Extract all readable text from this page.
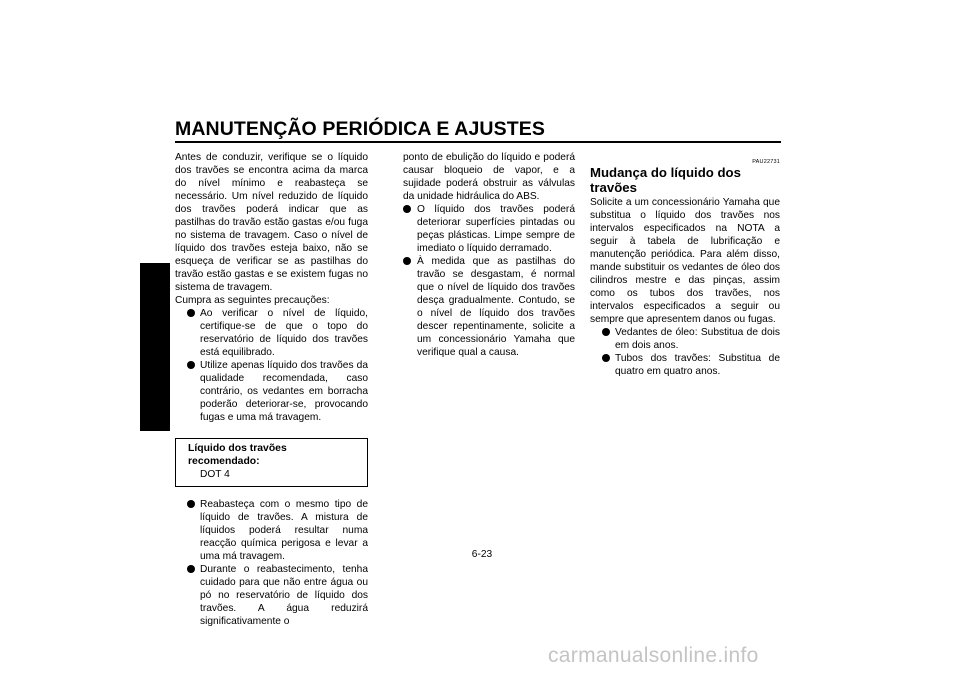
MANUTENÇÃO PERIÓDICA E AJUSTES
6

Antes de conduzir, verifique se o líquido dos travões se encontra acima da marca do nível mínimo e reabasteça se necessário. Um nível reduzido de líquido dos travões poderá indicar que as pastilhas do travão estão gastas e/ou fuga no sistema de travagem. Caso o nível de líquido dos travões esteja baixo, não se esqueça de verificar se as pastilhas do travão estão gastas e se existem fugas no sistema de travagem.

Cumpra as seguintes precauções:

Ao verificar o nível de líquido, certifique-se de que o topo do reservatório de líquido dos travões está equilibrado.
Utilize apenas líquido dos travões da qualidade recomendada, caso contrário, os vedantes em borracha poderão deteriorar-se, provocando fugas e uma má travagem.
Líquido dos travões recomendado:
DOT 4
Reabasteça com o mesmo tipo de líquido de travões. A mistura de líquidos poderá resultar numa reacção química perigosa e levar a uma má travagem.
Durante o reabastecimento, tenha cuidado para que não entre água ou pó no reservatório de líquido dos travões. A água reduzirá significativamente o

ponto de ebulição do líquido e poderá causar bloqueio de vapor, e a sujidade poderá obstruir as válvulas da unidade hidráulica do ABS.

O líquido dos travões poderá deteriorar superfícies pintadas ou peças plásticas. Limpe sempre de imediato o líquido derramado.
À medida que as pastilhas do travão se desgastam, é normal que o nível de líquido dos travões desça gradualmente. Contudo, se o nível de líquido dos travões descer repentinamente, solicite a um concessionário Yamaha que verifique qual a causa.
PAU22731
Mudança do líquido dos travões

Solicite a um concessionário Yamaha que substitua o líquido dos travões nos intervalos especificados na NOTA a seguir à tabela de lubrificação e manutenção periódica. Para além disso, mande substituir os vedantes de óleo dos cilindros mestre e das pinças, assim como os tubos dos travões, nos intervalos especificados a seguir ou sempre que apresentem danos ou fugas.

Vedantes de óleo: Substitua de dois em dois anos.
Tubos dos travões: Substitua de quatro em quatro anos.
6-23
carmanualsonline.info
